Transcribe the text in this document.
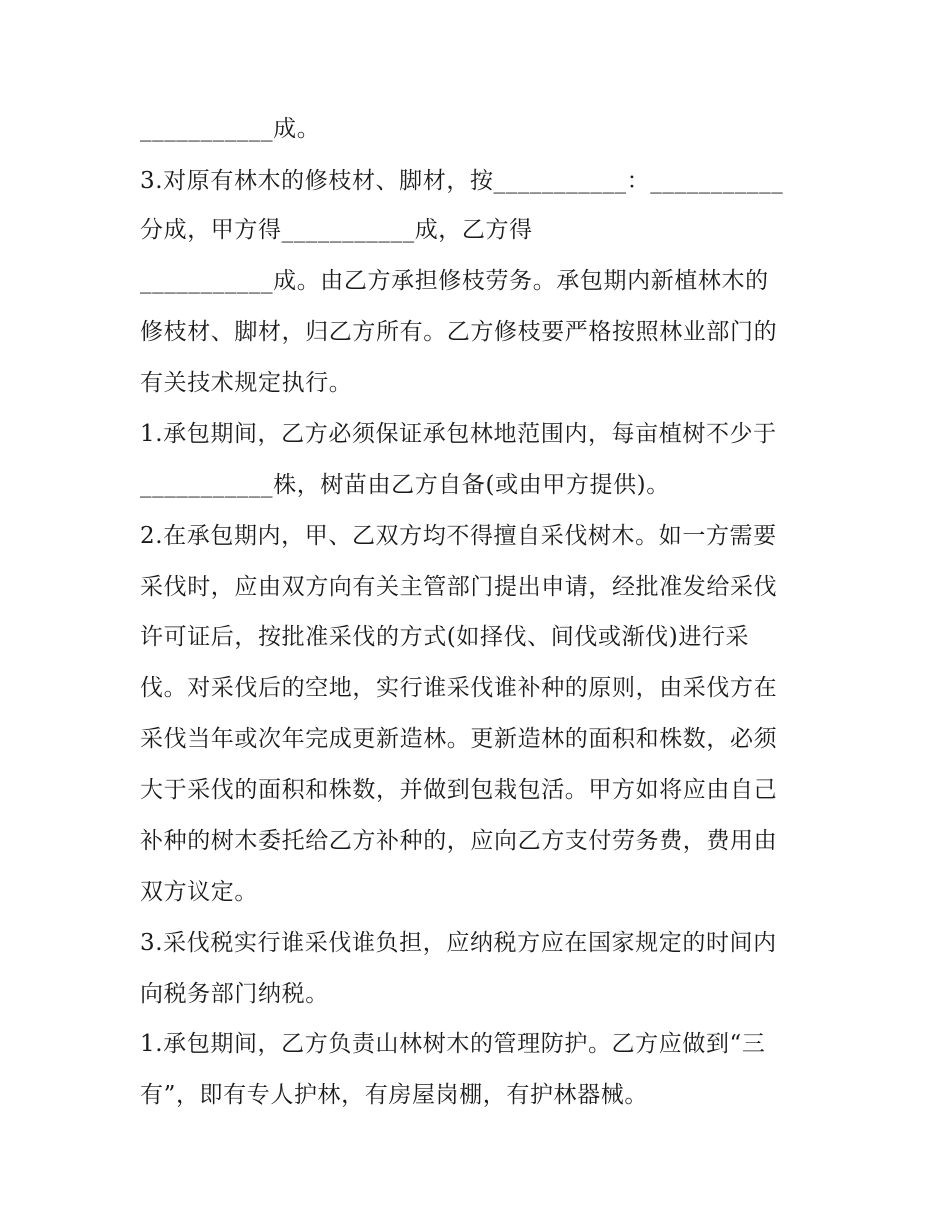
___________成。
3.对原有林木的修枝材、脚材，按___________：___________
分成，甲方得___________成，乙方得
___________成。由乙方承担修枝劳务。承包期内新植林木的
修枝材、脚材，归乙方所有。乙方修枝要严格按照林业部门的
有关技术规定执行。
1.承包期间，乙方必须保证承包林地范围内，每亩植树不少于
___________株，树苗由乙方自备(或由甲方提供)。
2.在承包期内，甲、乙双方均不得擅自采伐树木。如一方需要
采伐时，应由双方向有关主管部门提出申请，经批准发给采伐
许可证后，按批准采伐的方式(如择伐、间伐或渐伐)进行采
伐。对采伐后的空地，实行谁采伐谁补种的原则，由采伐方在
采伐当年或次年完成更新造林。更新造林的面积和株数，必须
大于采伐的面积和株数，并做到包栽包活。甲方如将应由自己
补种的树木委托给乙方补种的，应向乙方支付劳务费，费用由
双方议定。
3.采伐税实行谁采伐谁负担，应纳税方应在国家规定的时间内
向税务部门纳税。
1.承包期间，乙方负责山林树木的管理防护。乙方应做到“三
有”，即有专人护林，有房屋岗棚，有护林器械。
